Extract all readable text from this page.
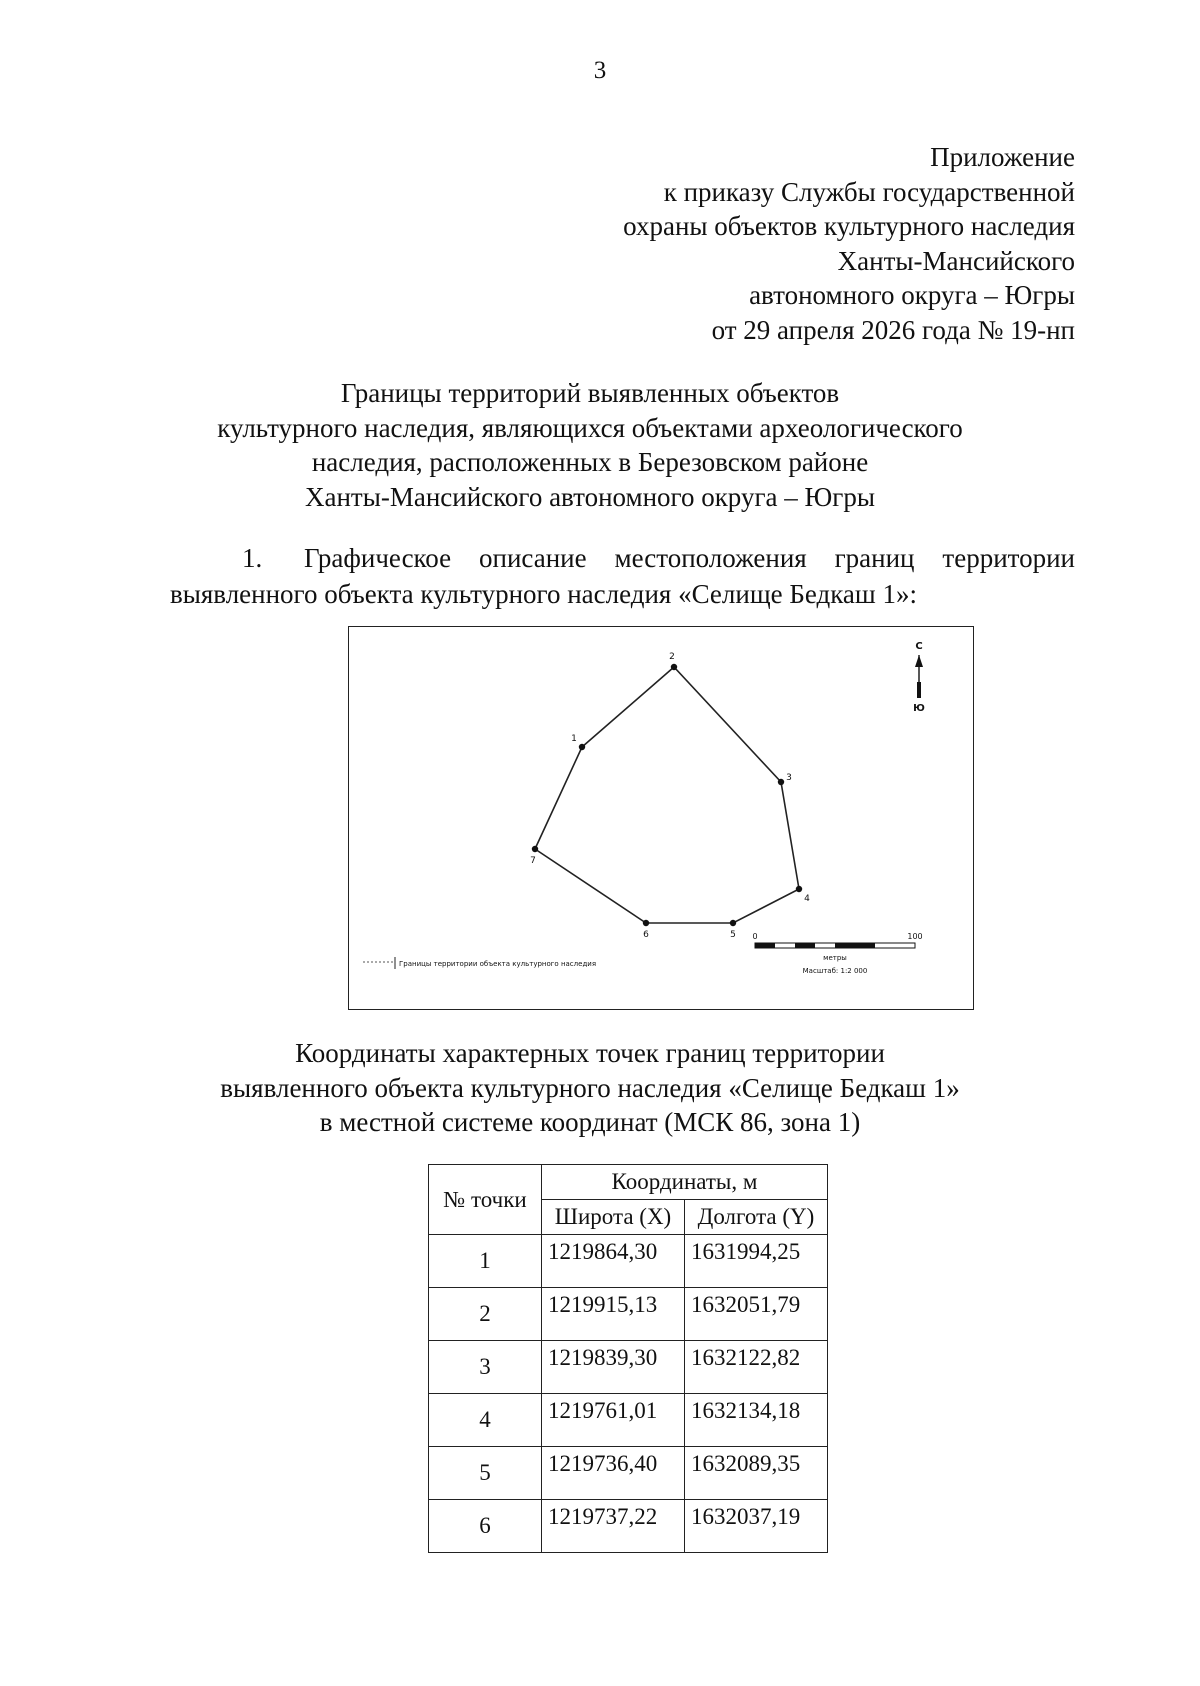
3
Приложение
к приказу Службы государственной
охраны объектов культурного наследия
Ханты-Мансийского
автономного округа – Югры
от 29 апреля 2026 года № 19-нп
Границы территорий выявленных объектов
культурного наследия, являющихся объектами археологического
наследия, расположенных в Березовском районе
Ханты-Мансийского автономного округа – Югры
1. Графическое описание местоположения границ территории выявленного объекта культурного наследия «Селище Бедкаш 1»:
1
2
3
4
5
6
7
С
Ю
0	100
метры
Масштаб: 1:2 000
Границы территории объекта культурного наследия
Координаты характерных точек границ территории
выявленного объекта культурного наследия «Селище Бедкаш 1»
в местной системе координат (МСК 86, зона 1)
№ точки	Координаты, м	
	Широта (X)	Долгота (Y)
1	1219864,30	1631994,25
2	1219915,13	1632051,79
3	1219839,30	1632122,82
4	1219761,01	1632134,18
5	1219736,40	1632089,35
6	1219737,22	1632037,19
